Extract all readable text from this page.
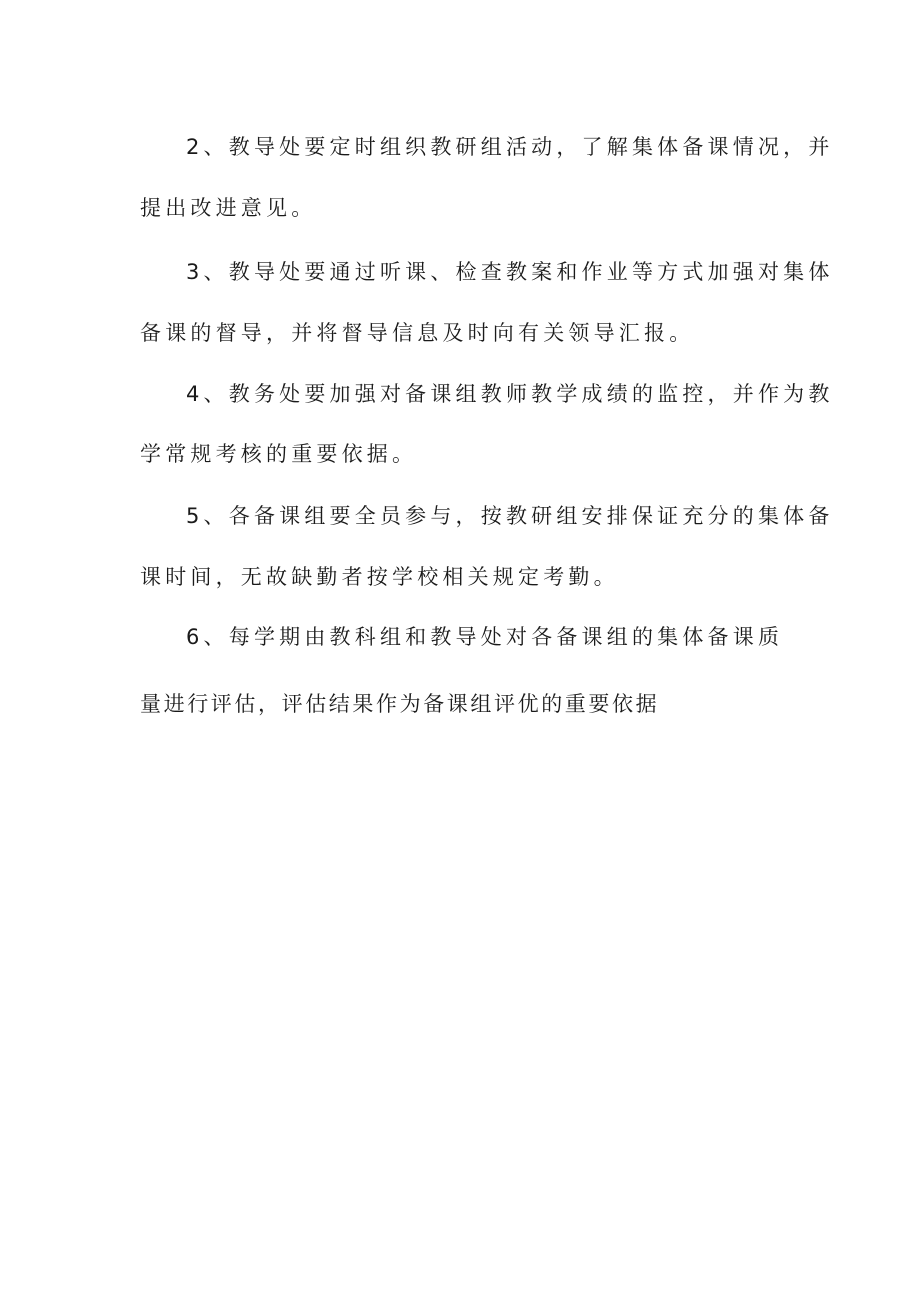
2、教导处要定时组织教研组活动，了解集体备课情况，并
提出改进意见。
3、教导处要通过听课、检查教案和作业等方式加强对集体
备课的督导，并将督导信息及时向有关领导汇报。
4、教务处要加强对备课组教师教学成绩的监控，并作为教
学常规考核的重要依据。
5、各备课组要全员参与，按教研组安排保证充分的集体备
课时间，无故缺勤者按学校相关规定考勤。
6、每学期由教科组和教导处对各备课组的集体备课质
量进行评估，评估结果作为备课组评优的重要依据
